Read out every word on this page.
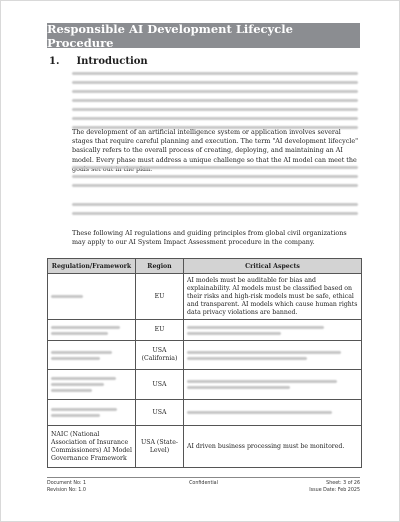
Responsible AI Development Lifecycle Procedure
1. Introduction
The development of an artificial intelligence system or application involves several stages that require careful planning and execution. The term "AI development lifecycle" basically refers to the overall process of creating, deploying, and maintaining an AI model. Every phase must address a unique challenge so that the AI model can meet the
These following AI regulations and guiding principles from global civil organizations may apply to our AI System Impact Assessment procedure in the company.
Regulation/Framework	Region	Critical Aspects

	EU	AI models must be auditable for bias and explainability. AI models must be classified based on their risks and high-risk models must be safe, ethical and transparent. AI models which cause human rights data privacy violations are banned.

	EU	

	USA (California)	

	USA	

	USA	

NAIC (National Association of Insurance Commissioners) AI Model Governance Framework	USA (State-Level)	AI driven business processing must be monitored.
Confidential
Document No: 1	Sheet: 3 of 26
Revision No: 1.0	Issue Date: Feb 2025
